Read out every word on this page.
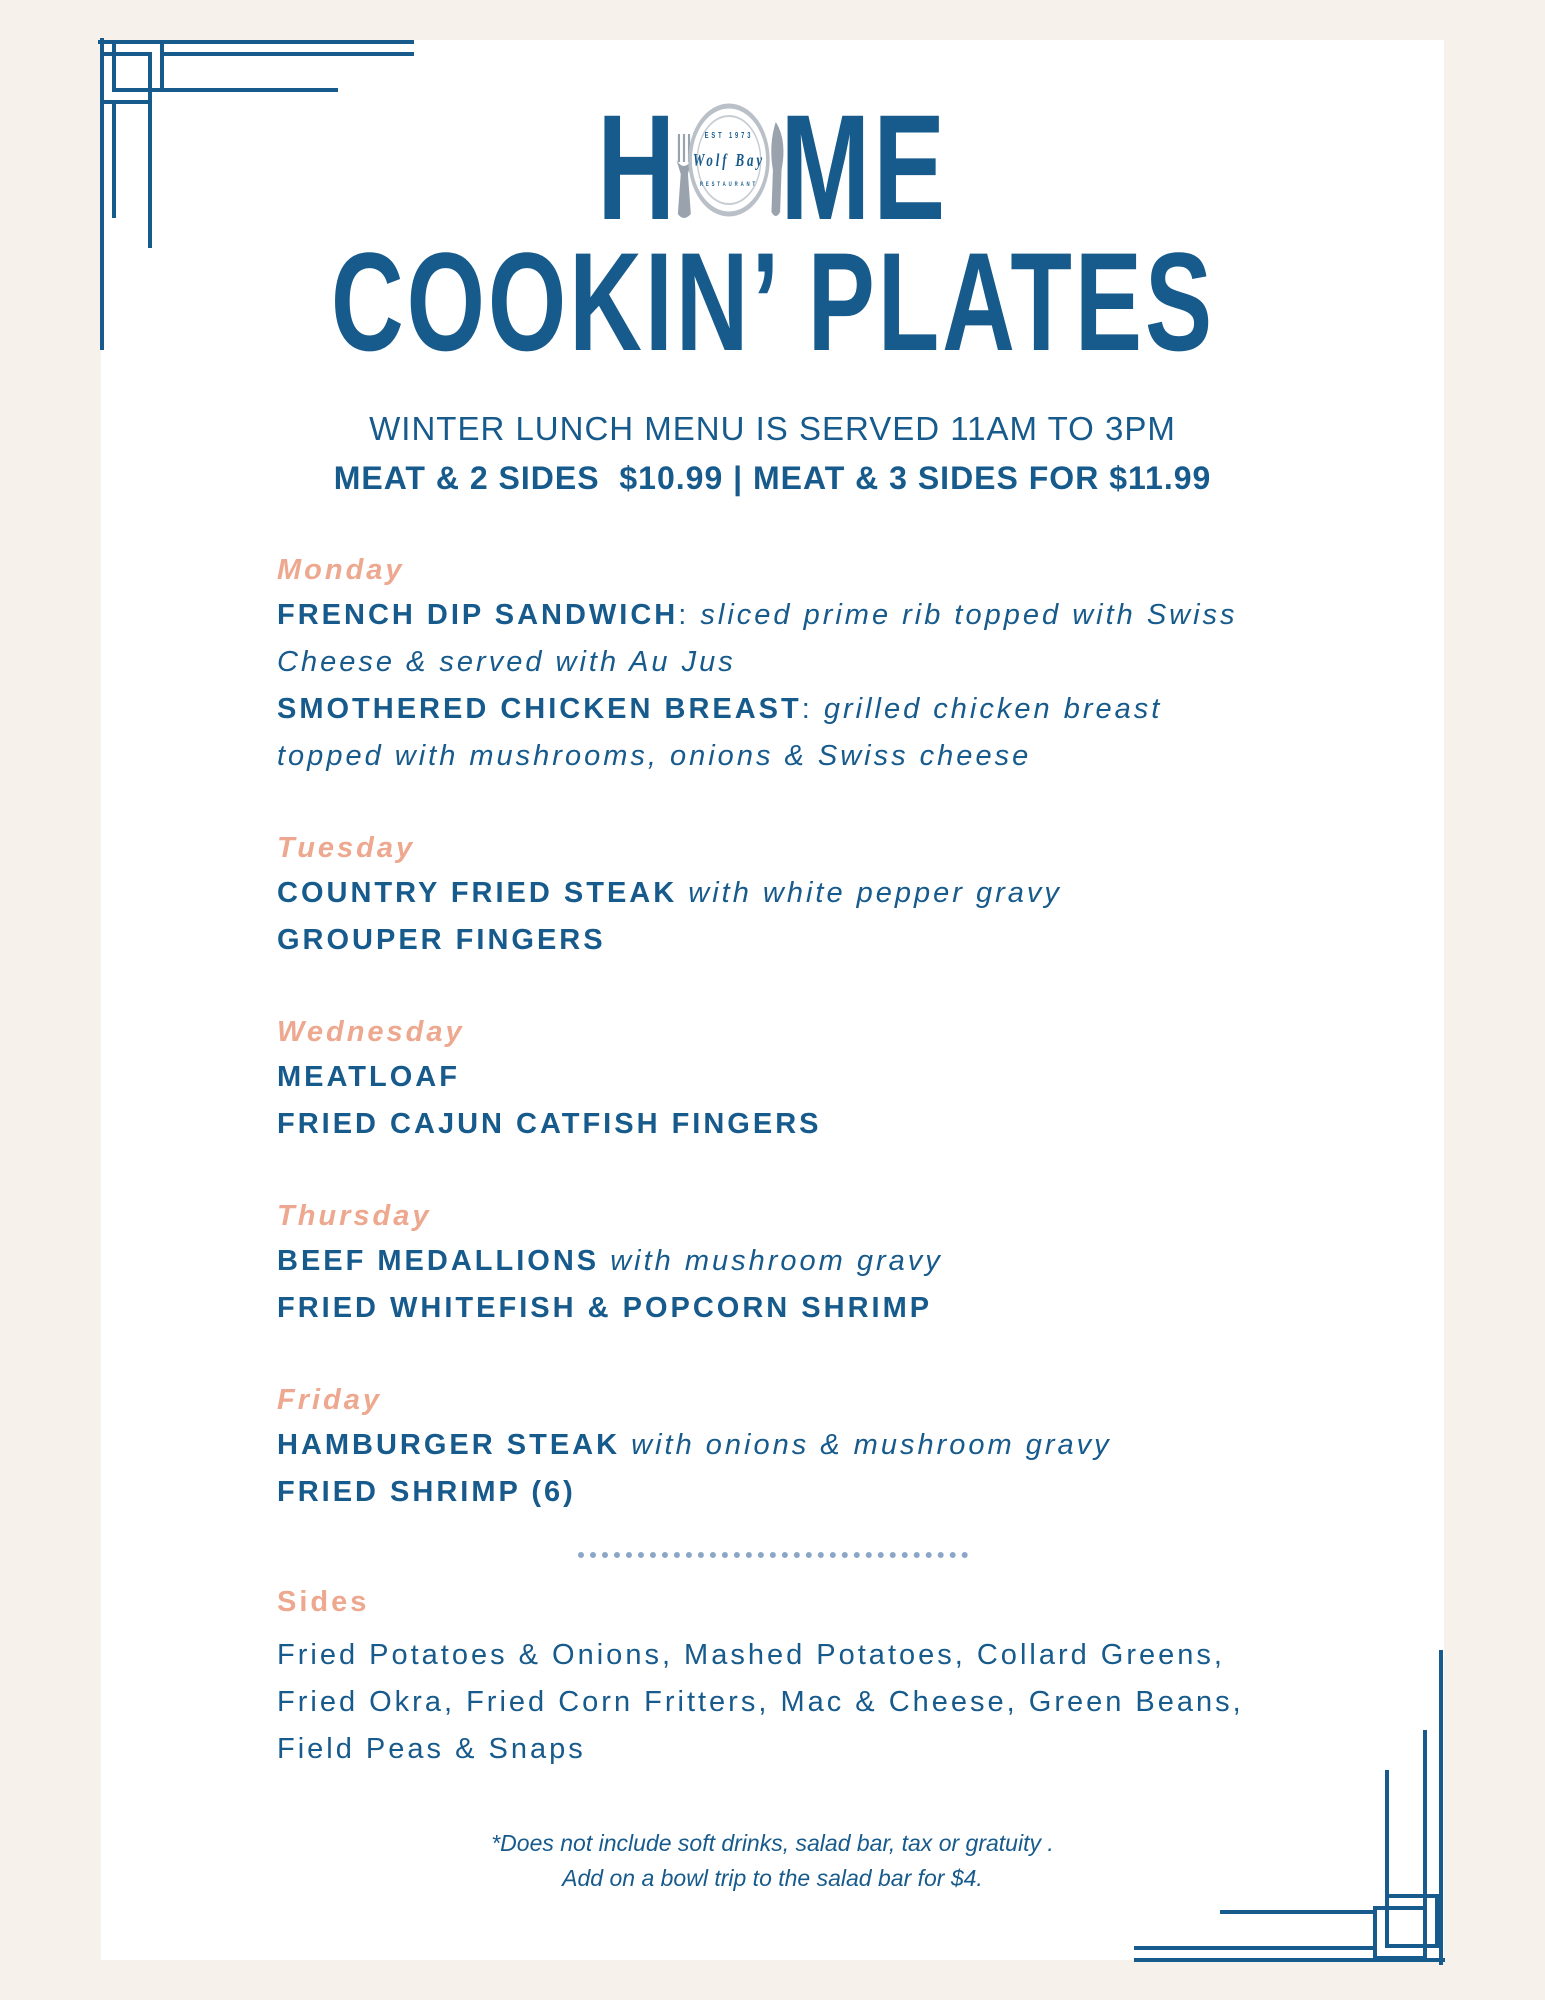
H	EST 1973
Wolf Bay
RESTAURANT ME
COOKIN’ PLATES
WINTER LUNCH MENU IS SERVED 11AM TO 3PM
MEAT & 2 SIDES  $10.99 | MEAT & 3 SIDES FOR $11.99
Monday
FRENCH DIP SANDWICH: sliced prime rib topped with Swiss
Cheese & served with Au Jus
SMOTHERED CHICKEN BREAST: grilled chicken breast
topped with mushrooms, onions & Swiss cheese
Tuesday
COUNTRY FRIED STEAK with white pepper gravy
GROUPER FINGERS
Wednesday
MEATLOAF
FRIED CAJUN CATFISH FINGERS
Thursday
BEEF MEDALLIONS with mushroom gravy
FRIED WHITEFISH & POPCORN SHRIMP
Friday
HAMBURGER STEAK with onions & mushroom gravy
FRIED SHRIMP (6)
Sides
Fried Potatoes & Onions, Mashed Potatoes, Collard Greens,
Fried Okra, Fried Corn Fritters, Mac & Cheese, Green Beans,
Field Peas & Snaps
*Does not include soft drinks, salad bar, tax or gratuity .
Add on a bowl trip to the salad bar for $4.
